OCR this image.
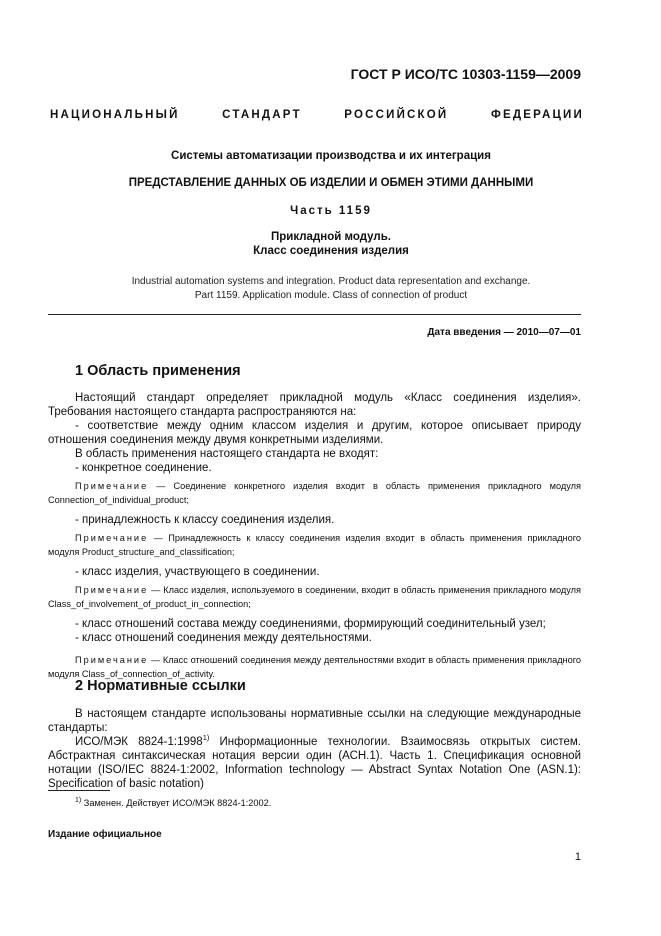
ГОСТ Р ИСО/ТС 10303-1159—2009
НАЦИОНАЛЬНЫЙ СТАНДАРТ РОССИЙСКОЙ ФЕДЕРАЦИИ
Системы автоматизации производства и их интеграция
ПРЕДСТАВЛЕНИЕ ДАННЫХ ОБ ИЗДЕЛИИ И ОБМЕН ЭТИМИ ДАННЫМИ
Часть 1159
Прикладной модуль.
Класс соединения изделия
Industrial automation systems and integration. Product data representation and exchange.
Part 1159. Application module. Class of connection of product
Дата введения — 2010—07—01
1 Область применения
Настоящий стандарт определяет прикладной модуль «Класс соединения изделия». Требования настоящего стандарта распространяются на:
- соответствие между одним классом изделия и другим, которое описывает природу отношения соединения между двумя конкретными изделиями.
В область применения настоящего стандарта не входят:
- конкретное соединение.
Примечание — Соединение конкретного изделия входит в область применения прикладного модуля Connection_of_individual_product;
- принадлежность к классу соединения изделия.
Примечание — Принадлежность к классу соединения изделия входит в область применения прикладного модуля Product_structure_and_classification;
- класс изделия, участвующего в соединении.
Примечание — Класс изделия, используемого в соединении, входит в область применения прикладного модуля Class_of_involvement_of_product_in_connection;
- класс отношений состава между соединениями, формирующий соединительный узел;
- класс отношений соединения между деятельностями.
Примечание — Класс отношений соединения между деятельностями входит в область применения прикладного модуля Class_of_connection_of_activity.
2 Нормативные ссылки
В настоящем стандарте использованы нормативные ссылки на следующие международные стандарты:
ИСО/МЭК 8824-1:1998$^{1)}$ Информационные технологии. Взаимосвязь открытых систем. Абстрактная синтаксическая нотация версии один (АСН.1). Часть 1. Спецификация основной нотации (ISO/IEC 8824-1:2002, Information technology — Abstract Syntax Notation One (ASN.1): Specification of basic notation)
$^{1)}$ Заменен. Действует ИСО/МЭК 8824-1:2002.
Издание официальное
1
